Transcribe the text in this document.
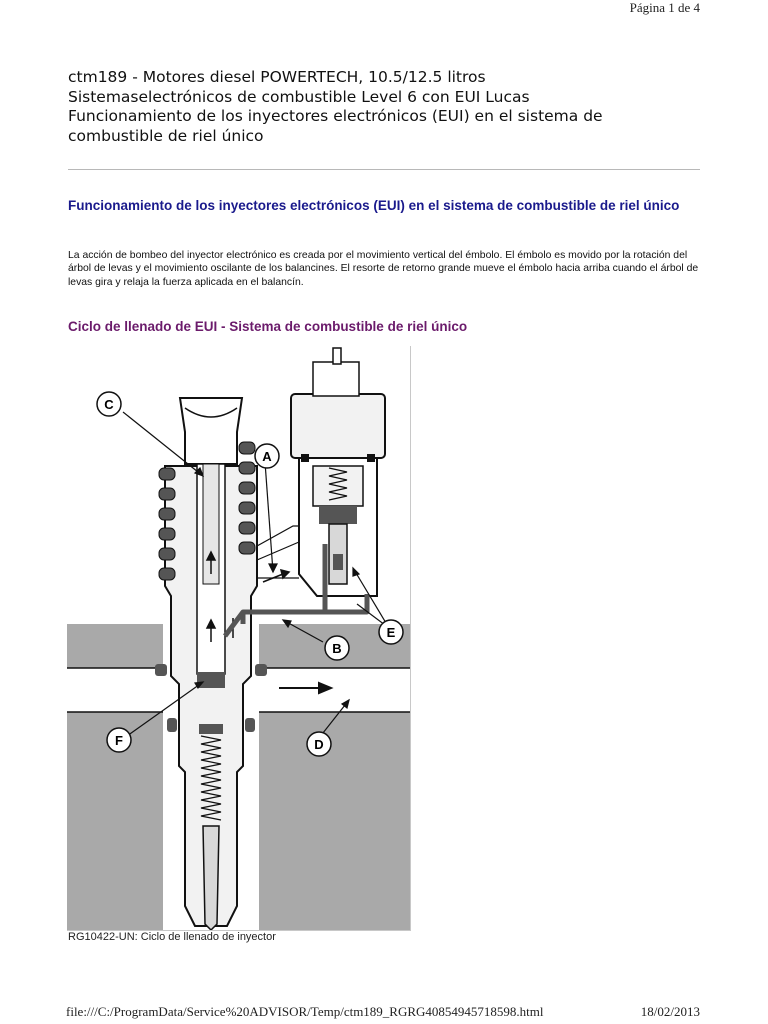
Página 1 de 4
ctm189 - Motores diesel POWERTECH, 10.5/12.5 litros
Sistemaselectrónicos de combustible Level 6 con EUI Lucas
Funcionamiento de los inyectores electrónicos (EUI) en el sistema de
combustible de riel único
Funcionamiento de los inyectores electrónicos (EUI) en el sistema de combustible de riel único
La acción de bombeo del inyector electrónico es creada por el movimiento vertical del émbolo. El émbolo es movido por la rotación del árbol de levas y el movimiento oscilante de los balancines. El resorte de retorno grande mueve el émbolo hacia arriba cuando el árbol de levas gira y relaja la fuerza aplicada en el balancín.
Ciclo de llenado de EUI - Sistema de combustible de riel único
C
A
B
E
D
F
RG10422-UN: Ciclo de llenado de inyector
file:///C:/ProgramData/Service%20ADVISOR/Temp/ctm189_RGRG40854945718598.html	18/02/2013
